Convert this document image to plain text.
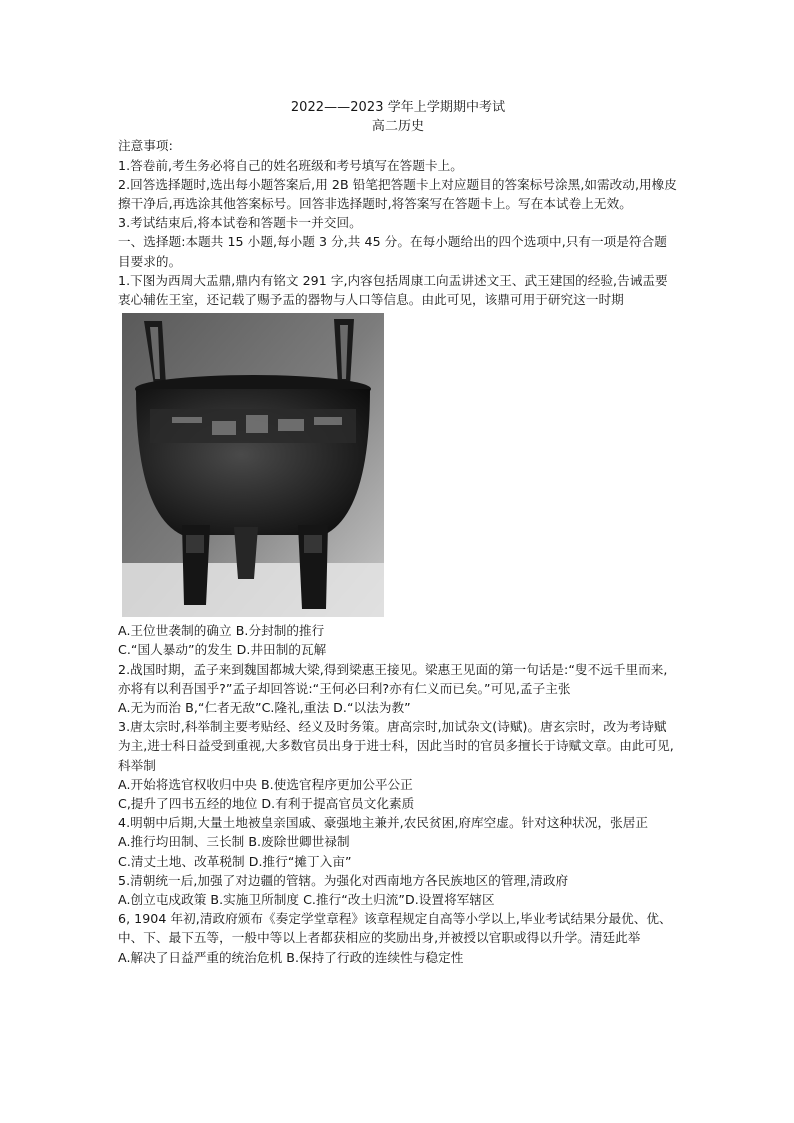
2022——2023 学年上学期期中考试
高二历史

注意事项:

1.答卷前,考生务必将自己的姓名班级和考号填写在答题卡上。

2.回答选择题时,选出每小题答案后,用 2B 铅笔把答题卡上对应题目的答案标号涂黑,如需改动,用橡皮擦干净后,再选涂其他答案标号。回答非选择题时,将答案写在答题卡上。写在本试卷上无效。

3.考试结束后,将本试卷和答题卡一并交回。

一、选择题:本题共 15 小题,每小题 3 分,共 45 分。在每小题给出的四个选项中,只有一项是符合题目要求的。

1.下图为西周大盂鼎,鼎内有铭文 291 字,内容包括周康工向盂讲述文王、武王建国的经验,告诫盂要衷心辅佐王室，还记载了赐予盂的器物与人口等信息。由此可见，该鼎可用于研究这一时期

A.王位世袭制的确立 B.分封制的推行

C.“国人暴动”的发生 D.井田制的瓦解

2.战国时期，孟子来到魏国都城大梁,得到梁惠王接见。梁惠王见面的第一句话是:“叟不远千里而来,亦将有以利吾国乎?”孟子却回答说:“王何必曰利?亦有仁义而已矣。”可见,孟子主张

A.无为而治 B,“仁者无敌”C.隆礼,重法 D.“以法为教”

3.唐太宗时,科举制主要考贴经、经义及时务策。唐高宗时,加试杂文(诗赋)。唐玄宗时，改为考诗赋为主,进士科日益受到重视,大多数官员出身于进士科，因此当时的官员多擅长于诗赋文章。由此可见,科举制

A.开始将选官权收归中央 B.使选官程序更加公平公正

C,提升了四书五经的地位 D.有利于提高官员文化素质

4.明朝中后期,大量土地被皇亲国戚、豪强地主兼并,农民贫困,府库空虚。针对这种状况，张居正

A.推行均田制、三长制 B.废除世卿世禄制

C.清丈土地、改革税制 D.推行“摊丁入亩”

5.清朝统一后,加强了对边疆的管辖。为强化对西南地方各民族地区的管理,清政府

A.创立屯戍政策 B.实施卫所制度 C.推行“改土归流”D.设置将军辖区

6, 1904 年初,清政府颁布《奏定学堂章程》该章程规定自高等小学以上,毕业考试结果分最优、优、中、下、最下五等，一般中等以上者都获相应的奖励出身,并被授以官职或得以升学。清廷此举

A.解决了日益严重的统治危机 B.保持了行政的连续性与稳定性
